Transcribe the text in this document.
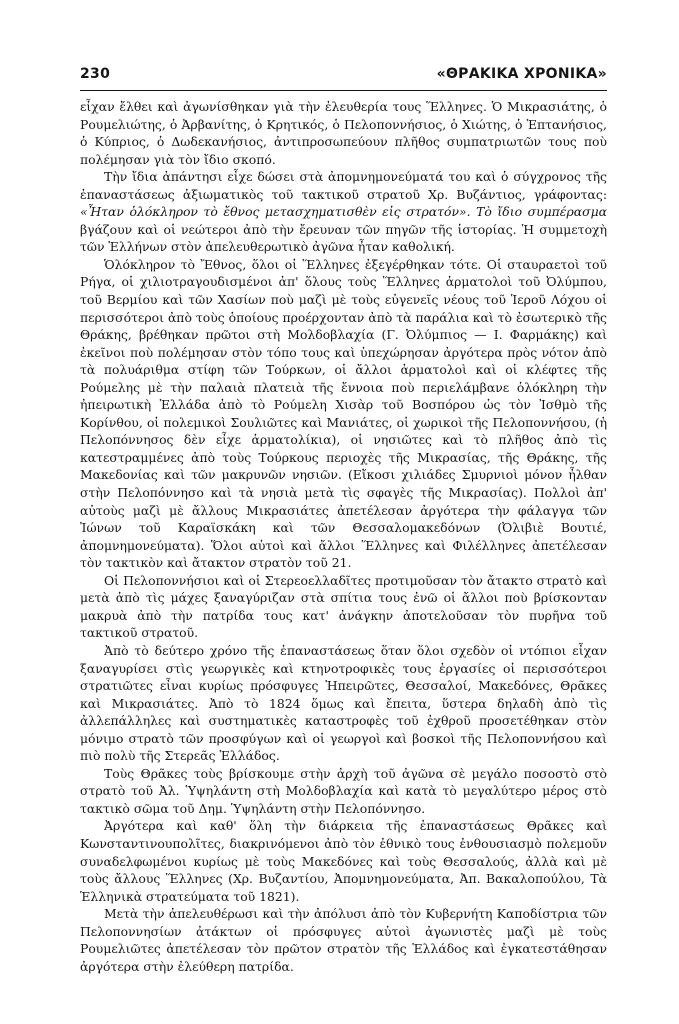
230	«ΘΡΑΚΙΚΑ ΧΡΟΝΙΚΑ»

εἶχαν ἔλθει καὶ ἀγωνίσθηκαν γιὰ τὴν ἐλευθερία τους Ἕλληνες. Ὁ Μικρασιάτης, ὁ Ρουμελιώτης, ὁ Ἀρβανίτης, ὁ Κρητικός, ὁ Πελοποννήσιος, ὁ Χιώτης, ὁ Ἑπτανήσιος, ὁ Κύπριος, ὁ Δωδεκανήσιος, ἀντιπροσωπεύουν πλῆθος συμπατριωτῶν τους ποὺ πολέμησαν γιὰ τὸν ἴδιο σκοπό.

Τὴν ἴδια ἀπάντησι εἶχε δώσει στὰ ἀπομνημονεύματά του καὶ ὁ σύγχρονος τῆς ἐπαναστάσεως ἀξιωματικὸς τοῦ τακτικοῦ στρατοῦ Χρ. Βυζάντιος, γράφοντας: «Ἦταν ὁλόκληρον τὸ ἔθνος μετασχηματισθὲν εἰς στρατόν». Τὸ ἴδιο συμπέρασμα βγάζουν καὶ οἱ νεώτεροι ἀπὸ τὴν ἔρευναν τῶν πηγῶν τῆς ἱστορίας. Ἡ συμμετοχὴ τῶν Ἑλλήνων στὸν ἀπελευθερωτικὸ ἀγῶνα ἦταν καθολική.

Ὁλόκληρον τὸ Ἔθνος, ὅλοι οἱ Ἕλληνες ἐξεγέρθηκαν τότε. Οἱ σταυραετοὶ τοῦ Ρήγα, οἱ χιλιοτραγουδισμένοι ἀπ' ὅλους τοὺς Ἕλληνες ἁρματολοὶ τοῦ Ὀλύμπου, τοῦ Βερμίου καὶ τῶν Χασίων ποὺ μαζὶ μὲ τοὺς εὐγενεῖς νέους τοῦ Ἱεροῦ Λόχου οἱ περισσότεροι ἀπὸ τοὺς ὁποίους προέρχονταν ἀπὸ τὰ παράλια καὶ τὸ ἐσωτερικὸ τῆς Θράκης, βρέθηκαν πρῶτοι στὴ Μολδοβλαχία (Γ. Ὀλύμπιος — Ι. Φαρμάκης) καὶ ἐκεῖνοι ποὺ πολέμησαν στὸν τόπο τους καὶ ὑπεχώρησαν ἀργότερα πρὸς νότον ἀπὸ τὰ πολυάριθμα στίφη τῶν Τούρκων, οἱ ἄλλοι ἁρματολοὶ καὶ οἱ κλέφτες τῆς Ρούμελης μὲ τὴν παλαιὰ πλατειὰ τῆς ἔννοια ποὺ περιελάμβανε ὁλόκληρη τὴν ἠπειρωτικὴ Ἑλλάδα ἀπὸ τὸ Ρούμελη Χισὰρ τοῦ Βοσπόρου ὡς τὸν Ἰσθμὸ τῆς Κορίνθου, οἱ πολεμικοὶ Σουλιῶτες καὶ Μανιάτες, οἱ χωρικοὶ τῆς Πελοποννήσου, (ἡ Πελοπόννησος δὲν εἶχε ἁρματολίκια), οἱ νησιῶτες καὶ τὸ πλῆθος ἀπὸ τὶς κατεστραμμένες ἀπὸ τοὺς Τούρκους περιοχὲς τῆς Μικρασίας, τῆς Θράκης, τῆς Μακεδονίας καὶ τῶν μακρυνῶν νησιῶν. (Εἴκοσι χιλιάδες Σμυρνιοὶ μόνον ἦλθαν στὴν Πελοπόννησο καὶ τὰ νησιὰ μετὰ τὶς σφαγὲς τῆς Μικρασίας). Πολλοὶ ἀπ' αὐτοὺς μαζὶ μὲ ἄλλους Μικρασιάτες ἀπετέλεσαν ἀργότερα τὴν φάλαγγα τῶν Ἰώνων τοῦ Καραϊσκάκη καὶ τῶν Θεσσαλομακεδόνων (Ὀλιβιὲ Βουτιέ, ἀπομνημονεύματα). Ὅλοι αὐτοὶ καὶ ἄλλοι Ἕλληνες καὶ Φιλέλληνες ἀπετέλεσαν τὸν τακτικὸν καὶ ἄτακτον στρατὸν τοῦ 21.

Οἱ Πελοποννήσιοι καὶ οἱ Στερεοελλαδῖτες προτιμοῦσαν τὸν ἄτακτο στρατὸ καὶ μετὰ ἀπὸ τὶς μάχες ξαναγύριζαν στὰ σπίτια τους ἐνῶ οἱ ἄλλοι ποὺ βρίσκονταν μακρυὰ ἀπὸ τὴν πατρίδα τους κατ' ἀνάγκην ἀποτελοῦσαν τὸν πυρῆνα τοῦ τακτικοῦ στρατοῦ.

Ἀπὸ τὸ δεύτερο χρόνο τῆς ἐπαναστάσεως ὅταν ὅλοι σχεδὸν οἱ ντόπιοι εἶχαν ξαναγυρίσει στὶς γεωργικὲς καὶ κτηνοτροφικὲς τους ἐργασίες οἱ περισσότεροι στρατιῶτες εἶναι κυρίως πρόσφυγες Ἠπειρῶτες, Θεσσαλοί, Μακεδόνες, Θρᾶκες καὶ Μικρασιάτες. Ἀπὸ τὸ 1824 ὅμως καὶ ἔπειτα, ὕστερα δηλαδὴ ἀπὸ τὶς ἀλλεπάλληλες καὶ συστηματικὲς καταστροφὲς τοῦ ἐχθροῦ προσετέθηκαν στὸν μόνιμο στρατὸ τῶν προσφύγων καὶ οἱ γεωργοὶ καὶ βοσκοὶ τῆς Πελοποννήσου καὶ πιὸ πολὺ τῆς Στερεᾶς Ἑλλάδος.

Τοὺς Θρᾶκες τοὺς βρίσκουμε στὴν ἀρχὴ τοῦ ἀγῶνα σὲ μεγάλο ποσοστὸ στὸ στρατὸ τοῦ Ἀλ. Ὑψηλάντη στὴ Μολδοβλαχία καὶ κατὰ τὸ μεγαλύτερο μέρος στὸ τακτικὸ σῶμα τοῦ Δημ. Ὑψηλάντη στὴν Πελοπόννησο.

Ἀργότερα καὶ καθ' ὅλη τὴν διάρκεια τῆς ἐπαναστάσεως Θρᾶκες καὶ Κωνσταντινουπολῖτες, διακρινόμενοι ἀπὸ τὸν ἐθνικὸ τους ἐνθουσιασμὸ πολεμοῦν συναδελφωμένοι κυρίως μὲ τοὺς Μακεδόνες καὶ τοὺς Θεσσαλούς, ἀλλὰ καὶ μὲ τοὺς ἄλλους Ἕλληνες (Χρ. Βυζαντίου, Ἀπομνημονεύματα, Ἀπ. Βακαλοπούλου, Τὰ Ἑλληνικὰ στρατεύματα τοῦ 1821).

Μετὰ τὴν ἀπελευθέρωσι καὶ τὴν ἀπόλυσι ἀπὸ τὸν Κυβερνήτη Καποδίστρια τῶν Πελοποννησίων ἀτάκτων οἱ πρόσφυγες αὐτοὶ ἀγωνιστὲς μαζὶ μὲ τοὺς Ρουμελιῶτες ἀπετέλεσαν τὸν πρῶτον στρατὸν τῆς Ἑλλάδος καὶ ἐγκατεστάθησαν ἀργότερα στὴν ἐλεύθερη πατρίδα.
